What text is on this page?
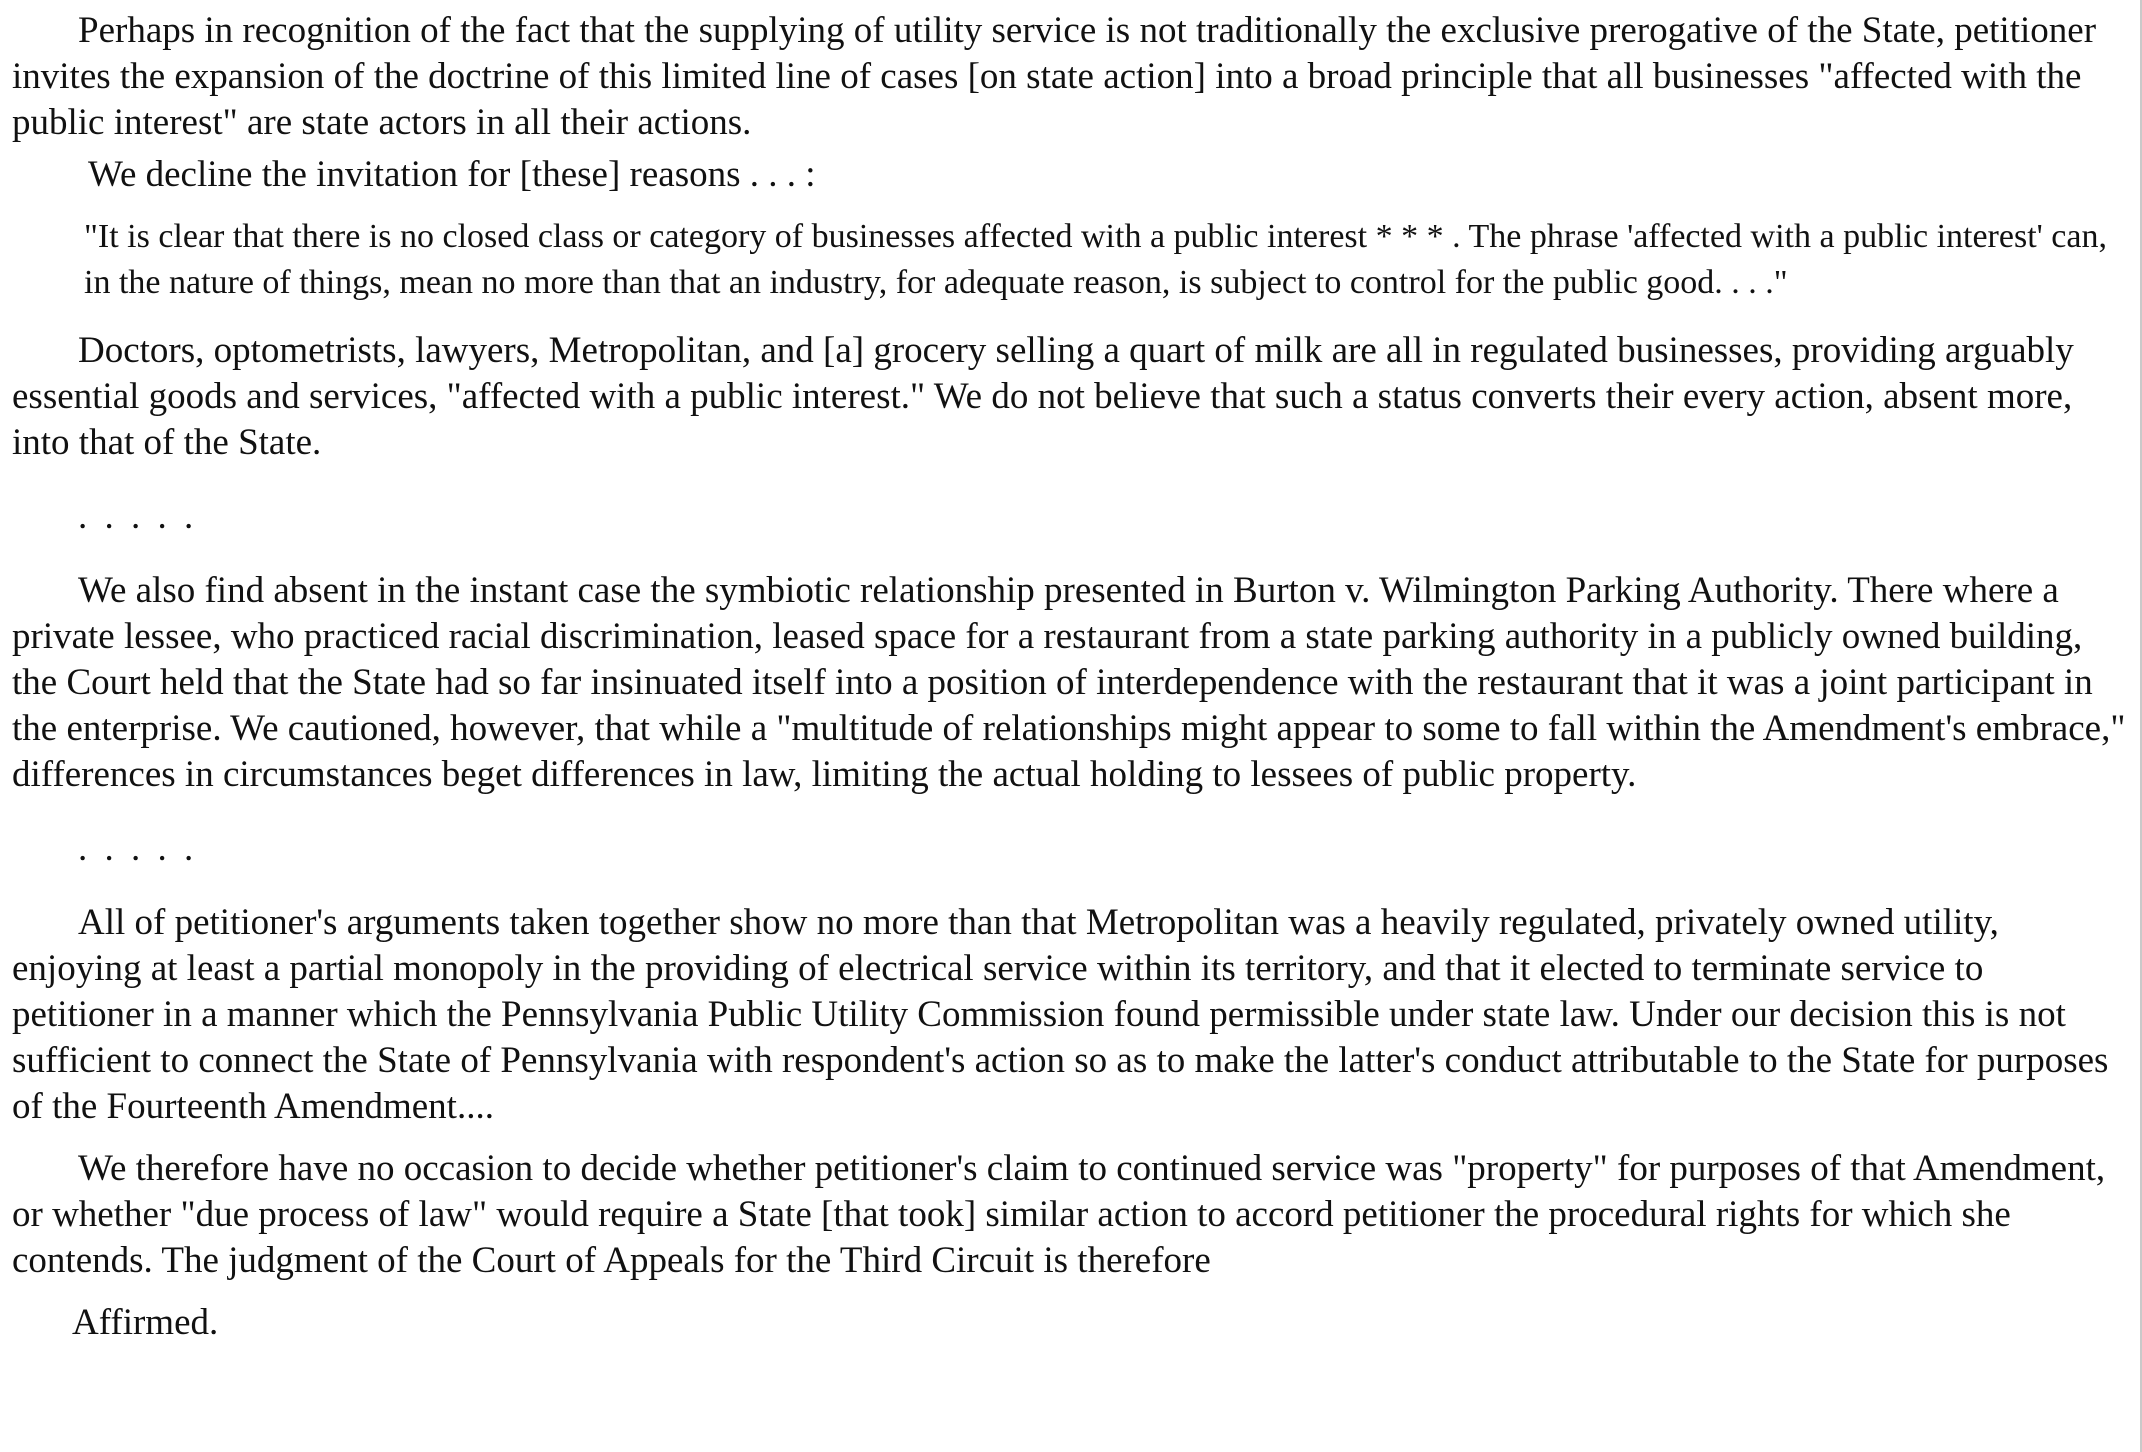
Perhaps in recognition of the fact that the supplying of utility service is not traditionally the exclusive prerogative of the State, petitioner invites the expansion of the doctrine of this limited line of cases [on state action] into a broad principle that all businesses "affected with the public interest" are state actors in all their actions.

We decline the invitation for [these] reasons . . . :

"It is clear that there is no closed class or category of businesses affected with a public interest * * * . The phrase 'affected with a public interest' can, in the nature of things, mean no more than that an industry, for adequate reason, is subject to control for the public good. . . ."

Doctors, optometrists, lawyers, Metropolitan, and [a] grocery selling a quart of milk are all in regulated businesses, providing arguably essential goods and services, "affected with a public interest." We do not believe that such a status converts their every action, absent more, into that of the State.

. . . . .

We also find absent in the instant case the symbiotic relationship presented in Burton v. Wilmington Parking Authority. There where a private lessee, who practiced racial discrimination, leased space for a restaurant from a state parking authority in a publicly owned building, the Court held that the State had so far insinuated itself into a position of interdependence with the restaurant that it was a joint participant in the enterprise. We cautioned, however, that while a "multitude of relationships might appear to some to fall within the Amendment's embrace," differences in circumstances beget differences in law, limiting the actual holding to lessees of public property.

. . . . .

All of petitioner's arguments taken together show no more than that Metropolitan was a heavily regulated, privately owned utility, enjoying at least a partial monopoly in the providing of electrical service within its territory, and that it elected to terminate service to petitioner in a manner which the Pennsylvania Public Utility Commission found permissible under state law. Under our decision this is not sufficient to connect the State of Pennsylvania with respondent's action so as to make the latter's conduct attributable to the State for purposes of the Fourteenth Amendment....

We therefore have no occasion to decide whether petitioner's claim to continued service was "property" for purposes of that Amendment, or whether "due process of law" would require a State [that took] similar action to accord petitioner the procedural rights for which she contends. The judgment of the Court of Appeals for the Third Circuit is therefore

Affirmed.
